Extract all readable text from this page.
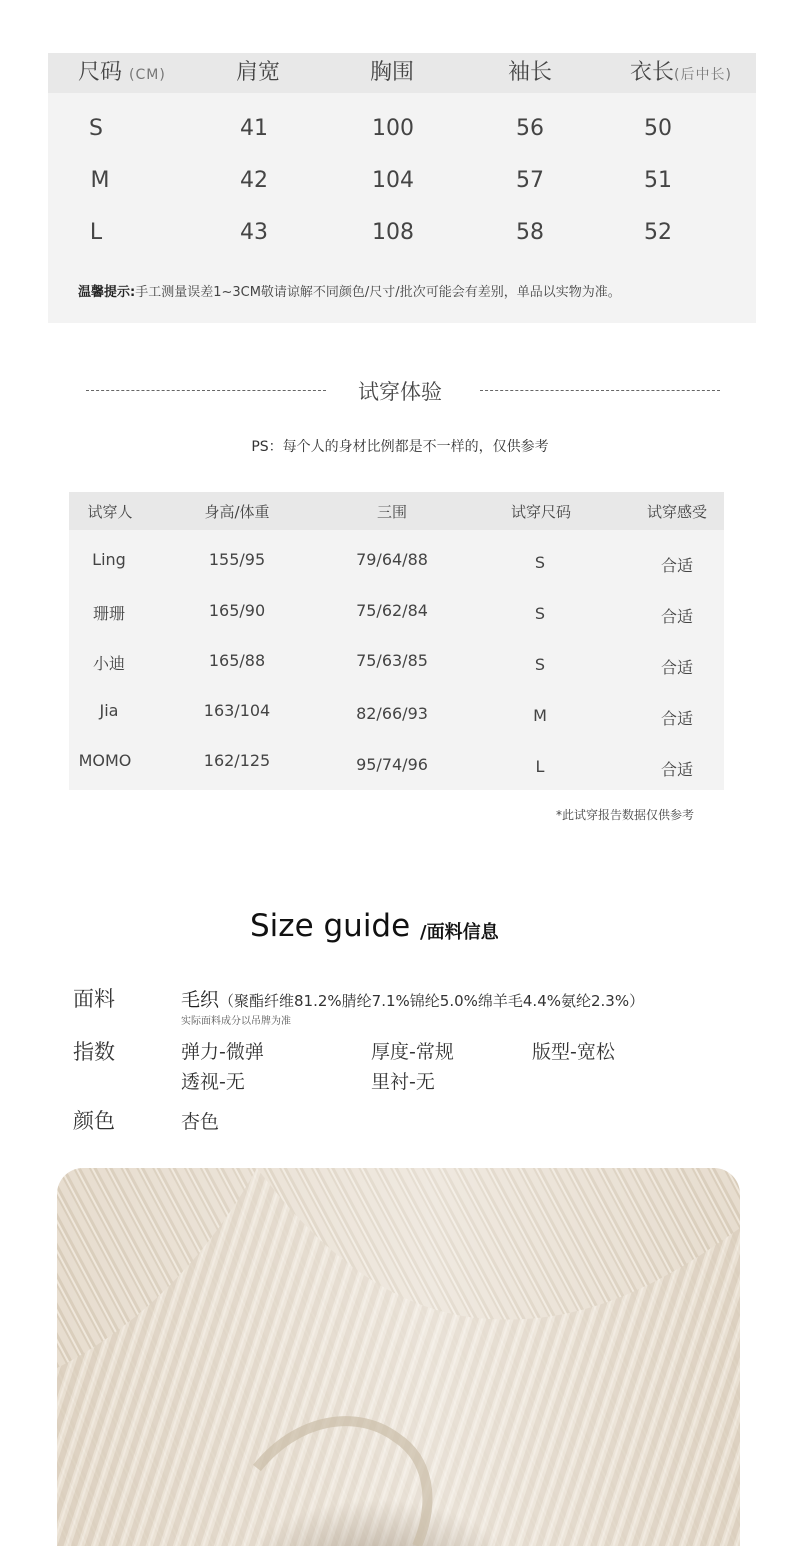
尺码 (CM)	肩宽	胸围	袖长	衣长(后中长)
S	41	100	56	50
M	42	104	57	51
L	43	108	58	52
温馨提示:手工测量误差1~3CM敬请谅解不同颜色/尺寸/批次可能会有差别，单品以实物为准。
试穿体验
PS：每个人的身材比例都是不一样的，仅供参考
试穿人	身高/体重	三围	试穿尺码	试穿感受
Ling	155/95	79/64/88	S	合适
珊珊	165/90	75/62/84	S	合适
小迪	165/88	75/63/85	S	合适
Jia	163/104	82/66/93	M	合适
MOMO	162/125	95/74/96	L	合适
*此试穿报告数据仅供参考
Size guide /面料信息
面料	毛织（聚酯纤维81.2%腈纶7.1%锦纶5.0%绵羊毛4.4%氨纶2.3%）
实际面料成分以吊牌为准
指数	弹力-微弹	厚度-常规	版型-宽松
透视-无	里衬-无
颜色	杏色
